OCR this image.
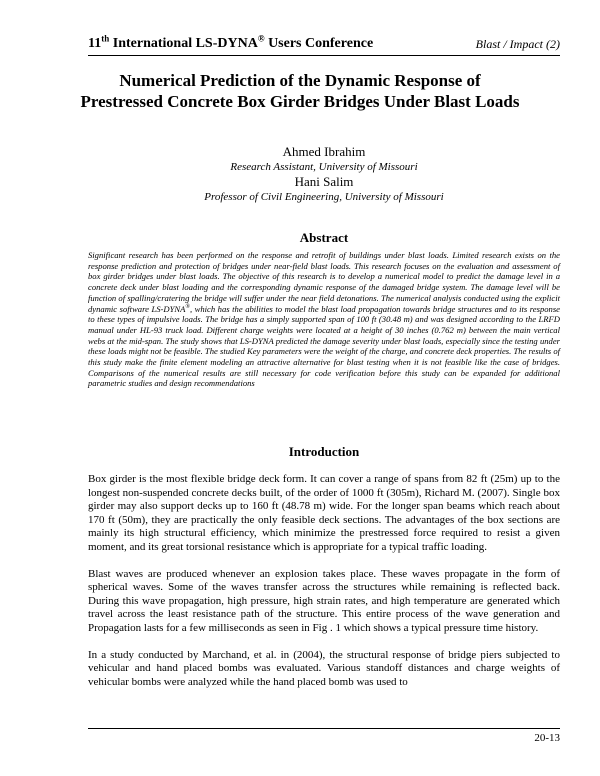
11th International LS-DYNA® Users Conference	Blast / Impact (2)
Numerical Prediction of the Dynamic Response of
Prestressed Concrete Box Girder Bridges Under Blast Loads
Ahmed Ibrahim
Research Assistant, University of Missouri
Hani Salim
Professor of Civil Engineering, University of Missouri
Abstract
Significant research has been performed on the response and retrofit of buildings under blast loads. Limited research exists on the response prediction and protection of bridges under near-field blast loads. This research focuses on the evaluation and assessment of box girder bridges under blast loads. The objective of this research is to develop a numerical model to predict the damage level in a concrete deck under blast loading and the corresponding dynamic response of the damaged bridge system. The damage level will be function of spalling/cratering the bridge will suffer under the near field detonations. The numerical analysis conducted using the explicit dynamic software LS-DYNA®, which has the abilities to model the blast load propagation towards bridge structures and to its response to these types of impulsive loads. The bridge has a simply supported span of 100 ft (30.48 m) and was designed according to the LRFD manual under HL-93 truck load. Different charge weights were located at a height of 30 inches (0.762 m) between the main vertical webs at the mid-span. The study shows that LS-DYNA predicted the damage severity under blast loads, especially since the testing under these loads might not be feasible. The studied Key parameters were the weight of the charge, and concrete deck properties. The results of this study make the finite element modeling an attractive alternative for blast testing when it is not feasible like the case of bridges. Comparisons of the numerical results are still necessary for code verification before this study can be expanded for additional parametric studies and design recommendations
Introduction

Box girder is the most flexible bridge deck form. It can cover a range of spans from 82 ft (25m) up to the longest non-suspended concrete decks built, of the order of 1000 ft (305m), Richard M. (2007). Single box girder may also support decks up to 160 ft (48.78 m) wide. For the longer span beams which reach about 170 ft (50m), they are practically the only feasible deck sections. The advantages of the box sections are mainly its high structural efficiency, which minimize the prestressed force required to resist a given moment, and its great torsional resistance which is appropriate for a typical traffic loading.

Blast waves are produced whenever an explosion takes place. These waves propagate in the form of spherical waves. Some of the waves transfer across the structures while remaining is reflected back. During this wave propagation, high pressure, high strain rates, and high temperature are generated which travel across the least resistance path of the structure. This entire process of the wave generation and Propagation lasts for a few milliseconds as seen in Fig . 1 which shows a typical pressure time history.

In a study conducted by Marchand, et al. in (2004), the structural response of bridge piers subjected to vehicular and hand placed bombs was evaluated. Various standoff distances and charge weights of vehicular bombs were analyzed while the hand placed bomb was used to

20-13
